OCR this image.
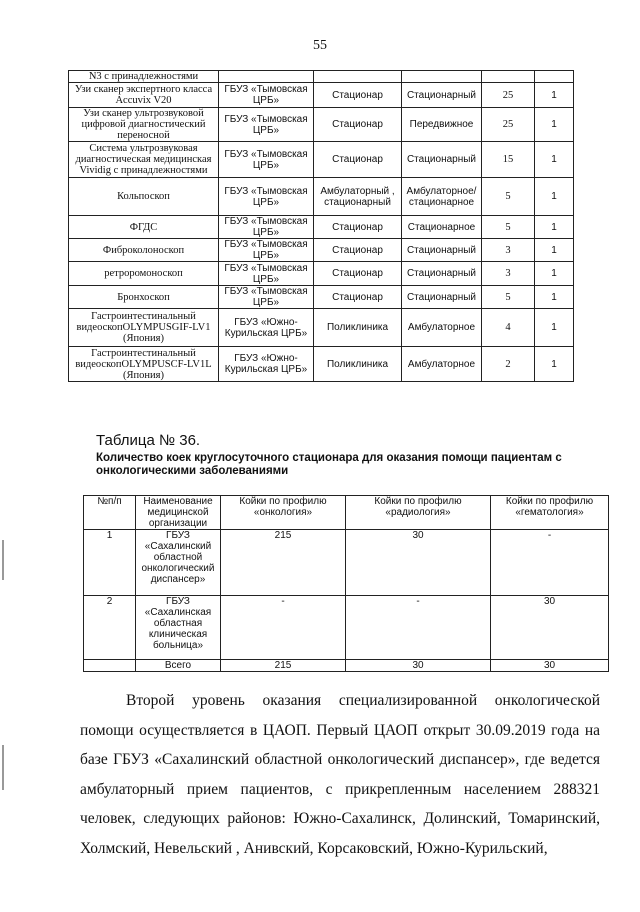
55
N3 с принадлежностями					
Узи сканер экспертного класса Accuvix V20	ГБУЗ «Тымовская ЦРБ»	Стационар	Стационарный	25	1
Узи сканер ультрозвуковой цифровой диагностический переносной	ГБУЗ «Тымовская ЦРБ»	Стационар	Передвижное	25	1
Система ультрозвуковая диагностическая медицинская Vividig с принадлежностями	ГБУЗ «Тымовская ЦРБ»	Стационар	Стационарный	15	1
Кольпоскоп	ГБУЗ «Тымовская ЦРБ»	Амбулаторный , стационарный	Амбулаторное/стационарное	5	1
ФГДС	ГБУЗ «Тымовская ЦРБ»	Стационар	Стационарное	5	1
Фиброколоноскоп	ГБУЗ «Тымовская ЦРБ»	Стационар	Стационарный	3	1
ретроромоноскоп	ГБУЗ «Тымовская ЦРБ»	Стационар	Стационарный	3	1
Бронхоскоп	ГБУЗ «Тымовская ЦРБ»	Стационар	Стационарный	5	1
Гастроинтестинальный видеоскопOLYMPUSGIF-LV1 (Япония)	ГБУЗ «Южно-Курильская ЦРБ»	Поликлиника	Амбулаторное	4	1
Гастроинтестинальный видеоскопOLYMPUSCF-LV1L (Япония)	ГБУЗ «Южно-Курильская ЦРБ»	Поликлиника	Амбулаторное	2	1
Таблица № 36.
Количество коек круглосуточного стационара для оказания помощи пациентам с онкологическими заболеваниями
№п/п	Наименование медицинской организации	Койки по профилю «онкология»	Койки по профилю «радиология»	Койки по профилю «гематология»
1	ГБУЗ «Сахалинский областной онкологический диспансер»	215	30	-
2	ГБУЗ «Сахалинская областная клиническая больница»	-	-	30
	Всего	215	30	30
Второй уровень оказания специализированной онкологической помощи осуществляется в ЦАОП. Первый ЦАОП открыт 30.09.2019 года на базе ГБУЗ «Сахалинский областной онкологический диспансер», где ведется амбулаторный прием пациентов, с прикрепленным населением 288321 человек, следующих районов: Южно-Сахалинск, Долинский, Томаринский, Холмский, Невельский , Анивский, Корсаковский, Южно-Курильский,
